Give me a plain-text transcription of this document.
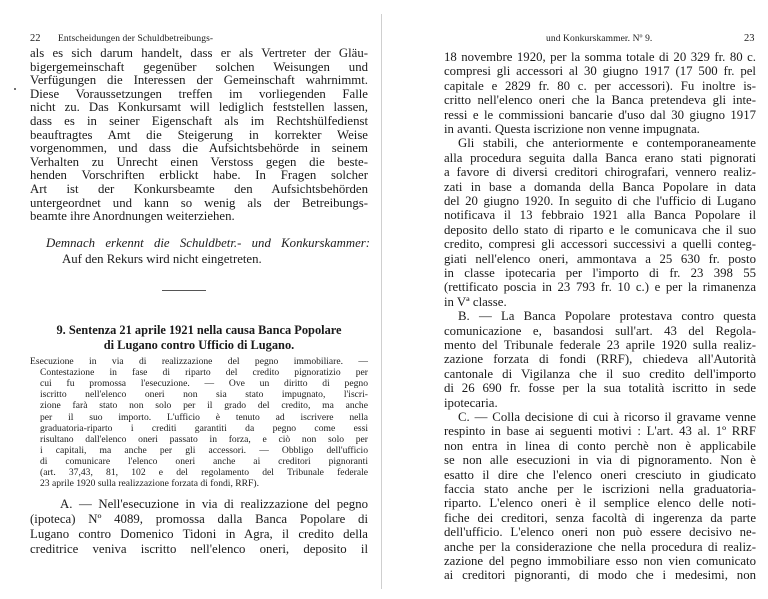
22 Entscheidungen der Schuldbetreibungs-
als es sich darum handelt, dass er als Vertreter der Gläu-
bigergemeinschaft gegenüber solchen Weisungen und
Verfügungen die Interessen der Gemeinschaft wahrnimmt.
Diese Voraussetzungen treffen im vorliegenden Falle
nicht zu. Das Konkursamt will lediglich feststellen lassen,
dass es in seiner Eigenschaft als im Rechtshülfedienst
beauftragtes Amt die Steigerung in korrekter Weise
vorgenommen, und dass die Aufsichtsbehörde in seinem
Verhalten zu Unrecht einen Verstoss gegen die beste-
henden Vorschriften erblickt habe. In Fragen solcher
Art ist der Konkursbeamte den Aufsichtsbehörden
untergeordnet und kann so wenig als der Betreibungs-
beamte ihre Anordnungen weiterziehen.
Demnach erkennt die Schuldbetr.- und Konkurskammer:
Auf den Rekurs wird nicht eingetreten.
9. Sentenza 21 aprile 1921 nella causa Banca Popolare
di Lugano contro Ufficio di Lugano.
Esecuzione in via di realizzazione del pegno immobiliare. —
Contestazione in fase di riparto del credito pignoratizio per
cui fu promossa l'esecuzione. — Ove un diritto di pegno
iscritto nell'elenco oneri non sia stato impugnato, l'iscri-
zione farà stato non solo per il grado del credito, ma anche
per il suo importo. L'ufficio è tenuto ad iscrivere nella
graduatoria-riparto i crediti garantiti da pegno come essi
risultano dall'elenco oneri passato in forza, e ciò non solo per
i capitali, ma anche per gli accessori. — Obbligo dell'ufficio
di comunicare l'elenco oneri anche ai creditori pignoranti
(art. 37,43, 81, 102 e del regolamento del Tribunale federale
23 aprile 1920 sulla realizzazione forzata di fondi, RRF).
A. — Nell'esecuzione in via di realizzazione del pegno
(ipoteca) Nº 4089, promossa dalla Banca Popolare di
Lugano contro Domenico Tidoni in Agra, il credito della
creditrice veniva iscritto nell'elenco oneri, deposito il
und Konkurskammer. Nº 9.	23
18 novembre 1920, per la somma totale di 20 329 fr. 80 c.
compresi gli accessori al 30 giugno 1917 (17 500 fr. pel
capitale e 2829 fr. 80 c. per accessori). Fu inoltre is-
critto nell'elenco oneri che la Banca pretendeva gli inte-
ressi e le commissioni bancarie d'uso dal 30 giugno 1917
in avanti. Questa iscrizione non venne impugnata.
Gli stabili, che anteriormente e contemporaneamente
alla procedura seguita dalla Banca erano stati pignorati
a favore di diversi creditori chirografari, vennero realiz-
zati in base a domanda della Banca Popolare in data
del 20 giugno 1920. In seguito di che l'ufficio di Lugano
notificava il 13 febbraio 1921 alla Banca Popolare il
deposito dello stato di riparto e le comunicava che il suo
credito, compresi gli accessori successivi a quelli conteg-
giati nell'elenco oneri, ammontava a 25 630 fr. posto
in classe ipotecaria per l'importo di fr. 23 398 55
(rettificato poscia in 23 793 fr. 10 c.) e per la rimanenza
in Vª classe.
B. — La Banca Popolare protestava contro questa
comunicazione e, basandosi sull'art. 43 del Regola-
mento del Tribunale federale 23 aprile 1920 sulla realiz-
zazione forzata di fondi (RRF), chiedeva all'Autorità
cantonale di Vigilanza che il suo credito dell'importo
di 26 690 fr. fosse per la sua totalità iscritto in sede
ipotecaria.
C. — Colla decisione di cui à ricorso il gravame venne
respinto in base ai seguenti motivi : L'art. 43 al. 1º RRF
non entra in linea di conto perchè non è applicabile
se non alle esecuzioni in via di pignoramento. Non è
esatto il dire che l'elenco oneri cresciuto in giudicato
faccia stato anche per le iscrizioni nella graduatoria-
riparto. L'elenco oneri è il semplice elenco delle noti-
fiche dei creditori, senza facoltà di ingerenza da parte
dell'ufficio. L'elenco oneri non può essere decisivo ne-
anche per la considerazione che nella procedura di realiz-
zazione del pegno immobiliare esso non vien comunicato
ai creditori pignoranti, di modo che i medesimi, non
